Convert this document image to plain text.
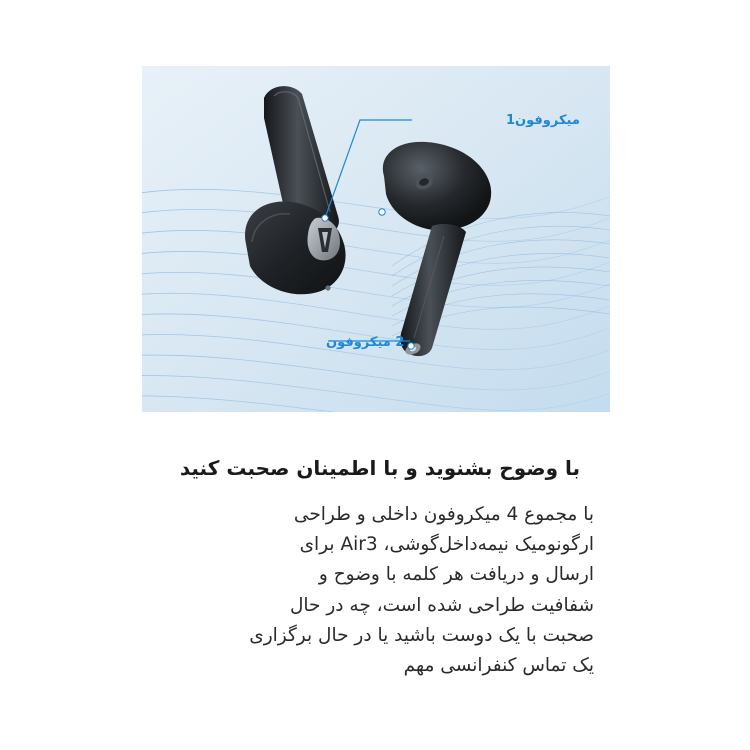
میکروفون1
2 میکروفون
با وضوح بشنوید و با اطمینان صحبت کنید
با مجموع 4 میکروفون داخلی و طراحی
ارگونومیک نیمه‌داخل‌گوشی، Air3 برای
ارسال و دریافت هر کلمه با وضوح و
شفافیت طراحی شده است، چه در حال
صحبت با یک دوست باشید یا در حال برگزاری
یک تماس کنفرانسی مهم
